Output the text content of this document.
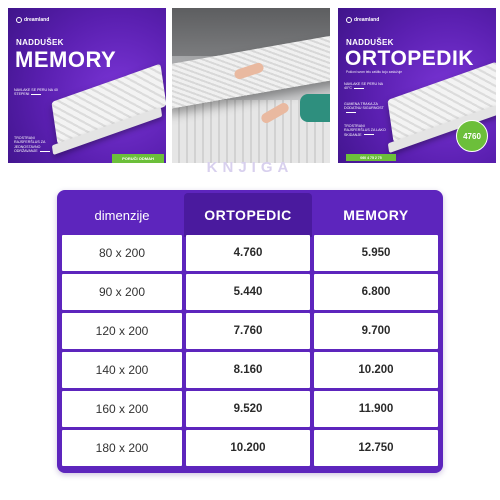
dreamland
NADDUŠEK
MEMORY
NAVLAKE SE PERU NA 40 STEPENI
TROSTRANI RAJSFERŠLUS ZA JEDNOSTAVNO ODRŽAVANJE
PORUČI ODMAH
dreamland
NADDUŠEK
ORTOPEDIK
Pokloni svom telu zaštitu koju zaslužuje
NAVLAKE SE PERU NA 40°C
GUMENA TRAKA ZA DODATNU SIGURNOST
TROSTRANI RAJSFERŠLUS ZA LAKO SKIDANJE
060 4 75 2 75
4760
KNJIGA
dimenzije	ORTOPEDIC	MEMORY
80 x 200	4.760	5.950
90 x 200	5.440	6.800
120 x 200	7.760	9.700
140 x 200	8.160	10.200
160 x 200	9.520	11.900
180 x 200	10.200	12.750
